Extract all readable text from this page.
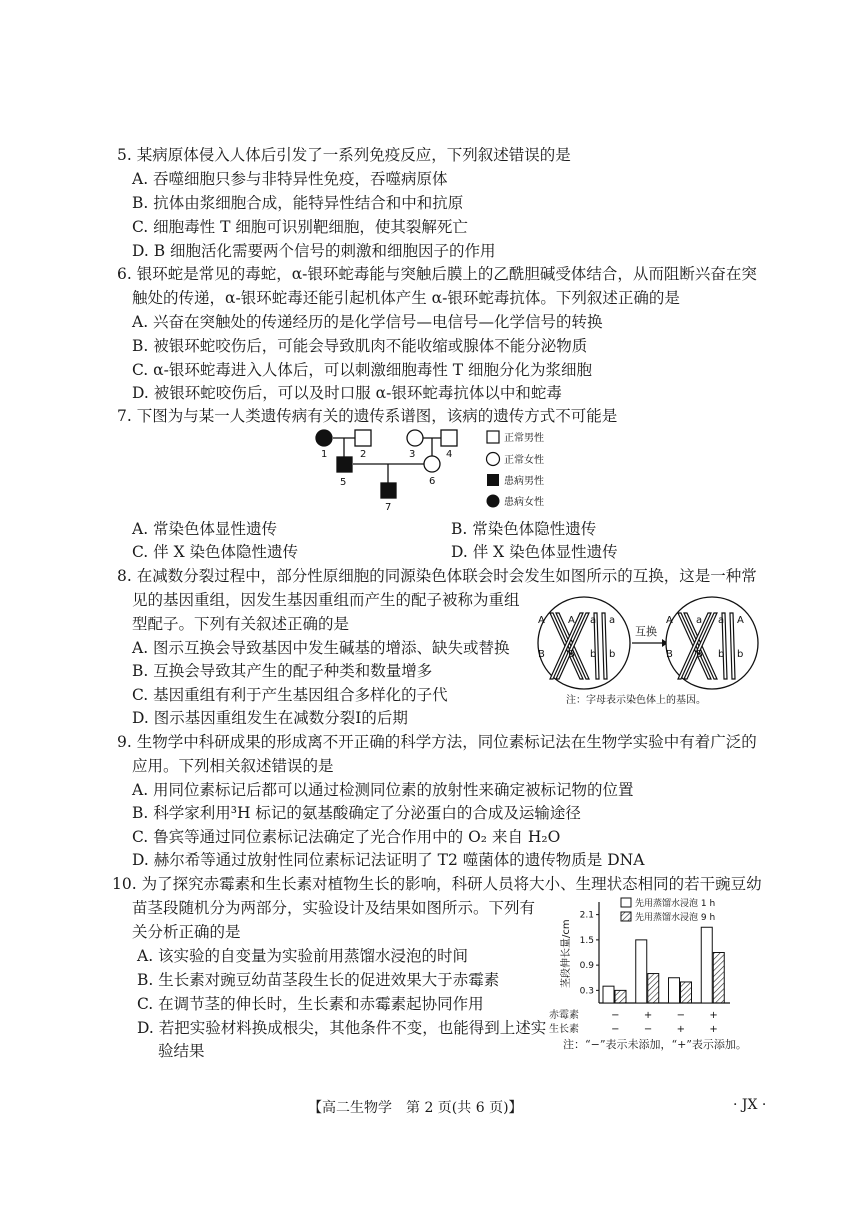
5. 某病原体侵入人体后引发了一系列免疫反应，下列叙述错误的是
A. 吞噬细胞只参与非特异性免疫，吞噬病原体
B. 抗体由浆细胞合成，能特异性结合和中和抗原
C. 细胞毒性 T 细胞可识别靶细胞，使其裂解死亡
D. B 细胞活化需要两个信号的刺激和细胞因子的作用
6. 银环蛇是常见的毒蛇，α-银环蛇毒能与突触后膜上的乙酰胆碱受体结合，从而阻断兴奋在突
触处的传递，α-银环蛇毒还能引起机体产生 α-银环蛇毒抗体。下列叙述正确的是
A. 兴奋在突触处的传递经历的是化学信号—电信号—化学信号的转换
B. 被银环蛇咬伤后，可能会导致肌肉不能收缩或腺体不能分泌物质
C. α-银环蛇毒进入人体后，可以刺激细胞毒性 T 细胞分化为浆细胞
D. 被银环蛇咬伤后，可以及时口服 α-银环蛇毒抗体以中和蛇毒
7. 下图为与某一人类遗传病有关的遗传系谱图，该病的遗传方式不可能是
1	2	3	4
5	6
7
正常男性
正常女性
患病男性
患病女性
A. 常染色体显性遗传	B. 常染色体隐性遗传
C. 伴 X 染色体隐性遗传	D. 伴 X 染色体显性遗传
8. 在减数分裂过程中，部分性原细胞的同源染色体联会时会发生如图所示的互换，这是一种常
见的基因重组，因发生基因重组而产生的配子被称为重组
型配子。下列有关叙述正确的是
A. 图示互换会导致基因中发生碱基的增添、缺失或替换
B. 互换会导致其产生的配子种类和数量增多
C. 基因重组有利于产生基因组合多样化的子代
D. 图示基因重组发生在减数分裂Ⅰ的后期
A A a a
B B b b
互换
A a a A
B B b b
注：字母表示染色体上的基因。
9. 生物学中科研成果的形成离不开正确的科学方法，同位素标记法在生物学实验中有着广泛的
应用。下列相关叙述错误的是
A. 用同位素标记后都可以通过检测同位素的放射性来确定被标记物的位置
B. 科学家利用³H 标记的氨基酸确定了分泌蛋白的合成及运输途径
C. 鲁宾等通过同位素标记法确定了光合作用中的 O₂ 来自 H₂O
D. 赫尔希等通过放射性同位素标记法证明了 T2 噬菌体的遗传物质是 DNA
10. 为了探究赤霉素和生长素对植物生长的影响，科研人员将大小、生理状态相同的若干豌豆幼
苗茎段随机分为两部分，实验设计及结果如图所示。下列有
关分析正确的是
A. 该实验的自变量为实验前用蒸馏水浸泡的时间
B. 生长素对豌豆幼苗茎段生长的促进效果大于赤霉素
C. 在调节茎的伸长时，生长素和赤霉素起协同作用
D. 若把实验材料换成根尖，其他条件不变，也能得到上述实
验结果
茎段伸长量/cm
先用蒸馏水浸泡 1 h
先用蒸馏水浸泡 9 h
0.3
0.9
1.5
2.1
赤霉素
生长素
− + − +
− − + +
注：“−”表示未添加，“+”表示添加。
【高二生物学　第 2 页(共 6 页)】	· JX ·
